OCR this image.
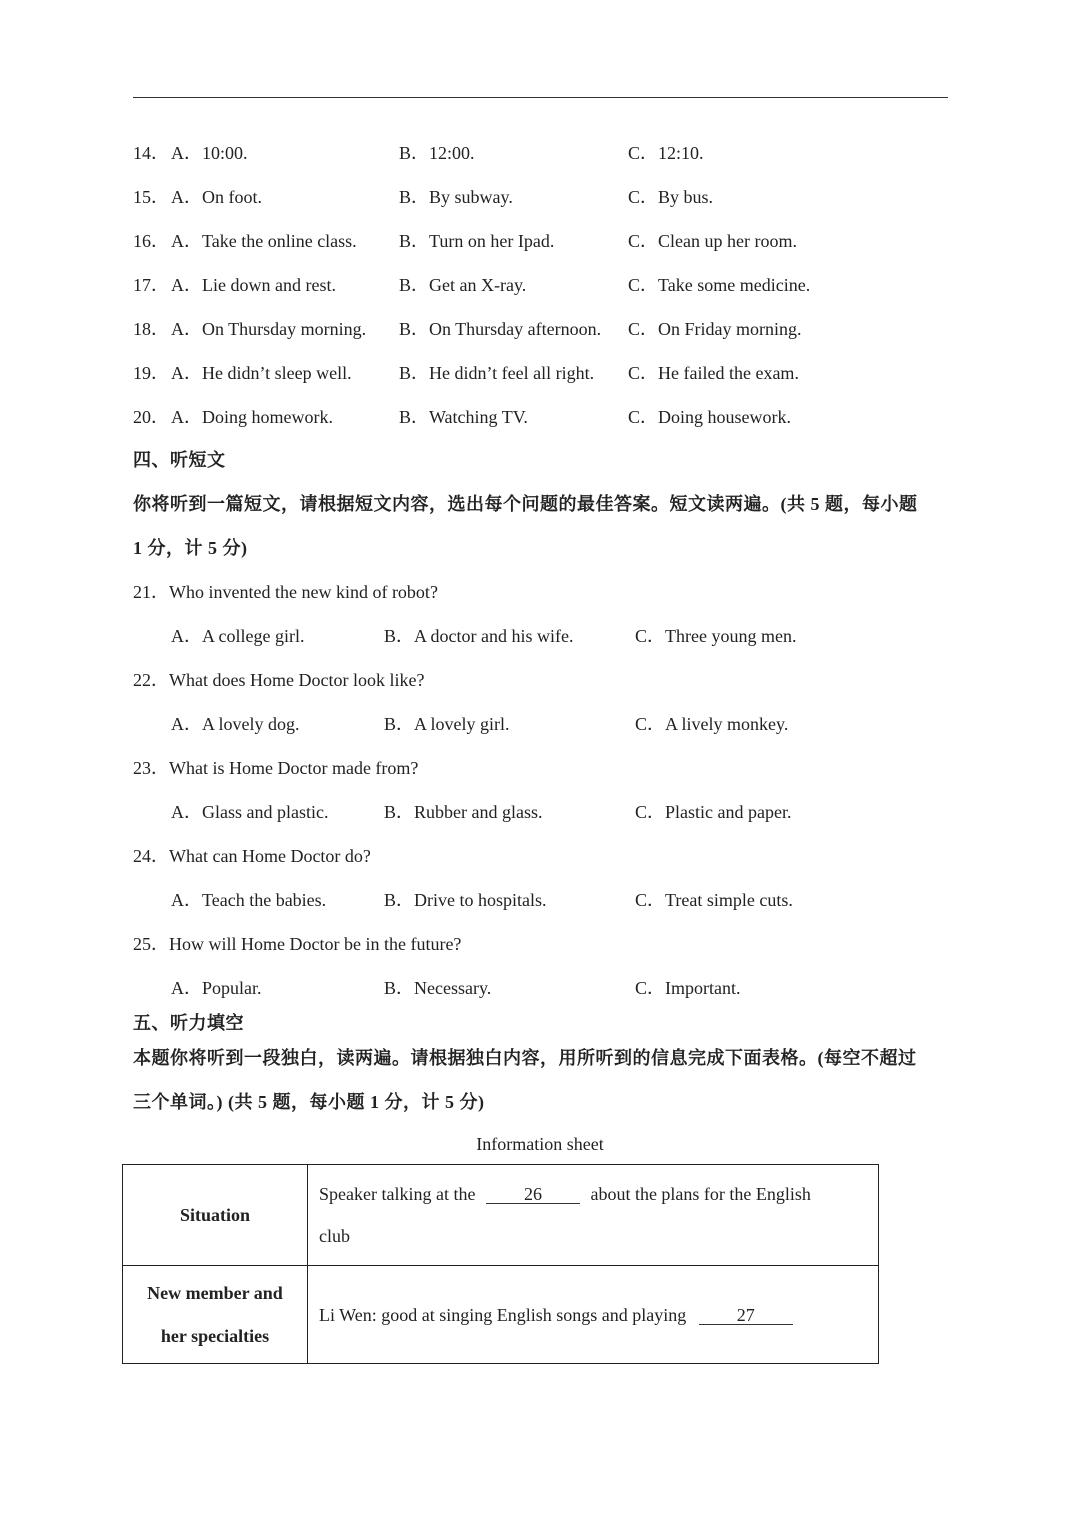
14． A．10:00.	B．12:00.	C．12:10.
15． A．On foot.	B．By subway.	C．By bus.
16． A．Take the online class. B．Turn on her Ipad.	C．Clean up her room.
17． A．Lie down and rest.	B．Get an X-ray.	C．Take some medicine.
18． A．On Thursday morning. B．On Thursday afternoon. C．On Friday morning.
19． A．He didn’t sleep well.	B．He didn’t feel all right. C．He failed the exam.
20． A．Doing homework.	B．Watching TV.	C．Doing housework.
四、听短文
你将听到一篇短文，请根据短文内容，选出每个问题的最佳答案。短文读两遍。(共 5 题，每小题
1 分，计 5 分)
21．Who invented the new kind of robot?
A．A college girl.	B．A doctor and his wife.	C．Three young men.
22．What does Home Doctor look like?
A．A lovely dog.	B．A lovely girl.	C．A lively monkey.
23．What is Home Doctor made from?
A．Glass and plastic.	B．Rubber and glass.	C．Plastic and paper.
24．What can Home Doctor do?
A．Teach the babies.	B．Drive to hospitals.	C．Treat simple cuts.
25．How will Home Doctor be in the future?
A．Popular.	B．Necessary.	C．Important.
五、听力填空
本题你将听到一段独白，读两遍。请根据独白内容，用所听到的信息完成下面表格。(每空不超过
三个单词。) (共 5 题，每小题 1 分，计 5 分)
Information sheet
Situation	Speaker talking at the 26 about the plans for the English
club

New member and
her specialties	Li Wen: good at singing English songs and playing 27
